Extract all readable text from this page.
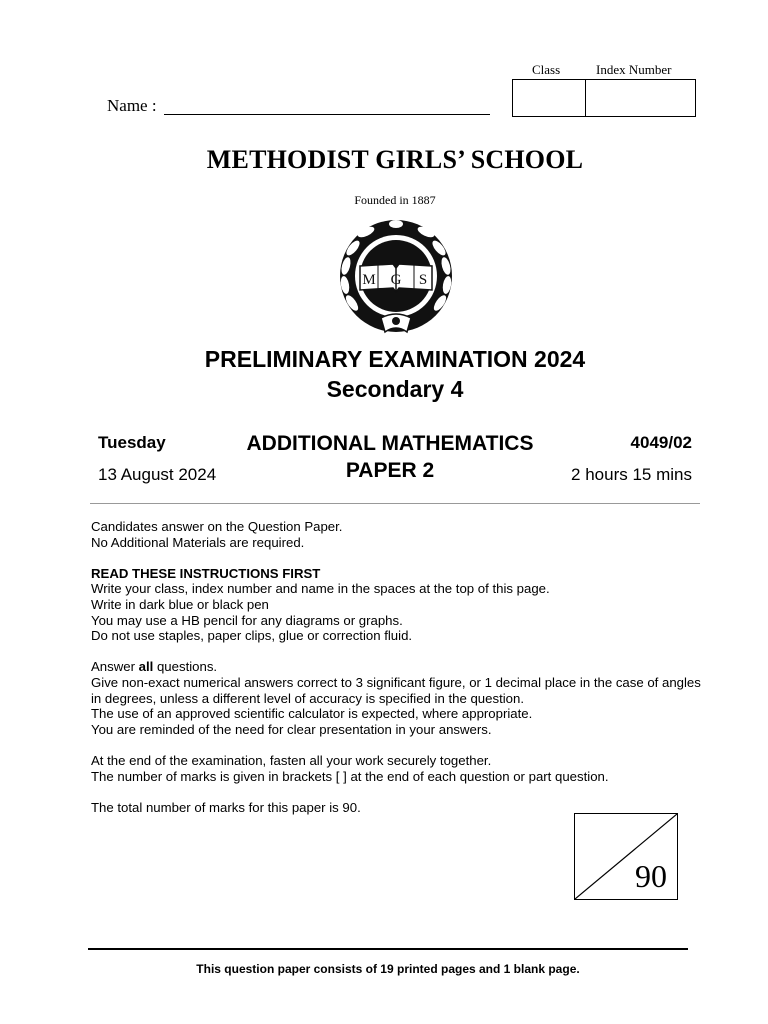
Class	Index Number
Name :
METHODIST GIRLS’ SCHOOL
Founded in 1887
M G S
PRELIMINARY EXAMINATION 2024
Secondary 4
Tuesday
13 August 2024
ADDITIONAL MATHEMATICS
PAPER 2
4049/02
2 hours 15 mins

Candidates answer on the Question Paper.

No Additional Materials are required.

READ THESE INSTRUCTIONS FIRST

Write your class, index number and name in the spaces at the top of this page.

Write in dark blue or black pen

You may use a HB pencil for any diagrams or graphs.

Do not use staples, paper clips, glue or correction fluid.

Answer all questions.

Give non-exact numerical answers correct to 3 significant figure, or 1 decimal place in the case of angles in degrees, unless a different level of accuracy is specified in the question.

The use of an approved scientific calculator is expected, where appropriate.

You are reminded of the need for clear presentation in your answers.

At the end of the examination, fasten all your work securely together.

The number of marks is given in brackets [ ] at the end of each question or part question.

The total number of marks for this paper is 90.

90
This question paper consists of 19 printed pages and 1 blank page.
